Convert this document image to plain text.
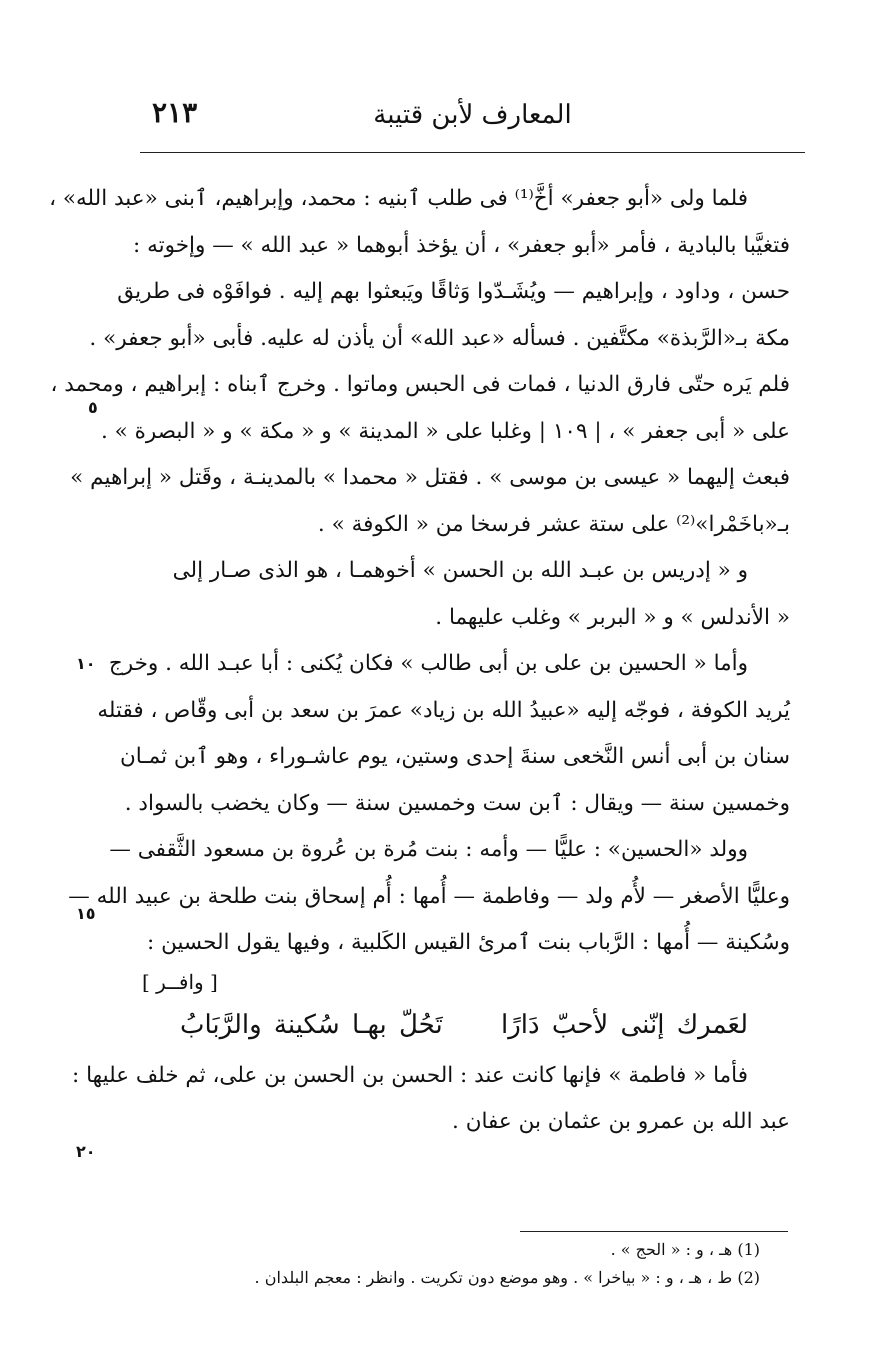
المعارف لأبن قتيبة
٢١٣
فلما ولى «أبو جعفر» أخَّ⁽¹⁾ فى طلب ٱبنيه : محمد، وإبراهيم، ٱبنى «عبد الله» ،
فتغيَّبا بالبادية ، فأمر «أبو جعفر» ، أن يؤخذ أبوهما « عبد الله » — وإخوته :
حسن ، وداود ، وإبراهيم — ويُشَـدّوا وَثاقًا ويَبعثوا بهم إليه . فوافَوْه فى طريق
مكة بـ«الرَّبذة» مكتَّفين . فسأله «عبد الله» أن يأذن له عليه. فأبى «أبو جعفر» .
فلم يَره حتّى فارق الدنيا ، فمات فى الحبس وماتوا . وخرج ٱبناه : إبراهيم ، ومحمد ،
على « أبى جعفر » ، | ١٠٩ | وغلبا على « المدينة » و « مكة » و « البصرة » .
فبعث إليهما « عيسى بن موسى » . فقتل « محمدا » بالمدينـة ، وقَتل « إبراهيم »
بـ«باخَمْرا»⁽²⁾ على ستة عشر فرسخا من « الكوفة » .
و « إدريس بن عبـد الله بن الحسن » أخوهمـا ، هو الذى صـار إلى
« الأندلس » و « البربر » وغلب عليهما .
وأما « الحسين بن على بن أبى طالب » فكان يُكنى : أبا عبـد الله . وخرج
يُريد الكوفة ، فوجّه إليه «عبيدُ الله بن زياد» عمرَ بن سعد بن أبى وقّاص ، فقتله
سنان بن أبى أنس النَّخعى سنةَ إحدى وستين، يوم عاشـوراء ، وهو ٱبن ثمـان
وخمسين سنة — ويقال : ٱبن ست وخمسين سنة — وكان يخضب بالسواد .
وولد «الحسين» : عليًّا — وأمه : بنت مُرة بن عُروة بن مسعود الثَّقفى —
وعليًّا الأصغر — لأُم ولد — وفاطمة — أُمها : أُم إسحاق بنت طلحة بن عبيد الله —
وسُكينة — أُمها : الرَّباب بنت ٱمرئ القيس الكَلبية ، وفيها يقول الحسين :
[ وافــر ]
لعَمرك إنّنى لأحبّ دَارًا تَحُلّ بهـا سُكينة والرَّبَابُ
فأما « فاطمة » فإنها كانت عند : الحسن بن الحسن بن على، ثم خلف عليها :
عبد الله بن عمرو بن عثمان بن عفان .
٥
١٠
١٥
٢٠
(1) هـ ، و : « الحج » .
(2) ط ، هـ ، و : « بياخرا » . وهو موضع دون تكريت . وانظر : معجم البلدان .
